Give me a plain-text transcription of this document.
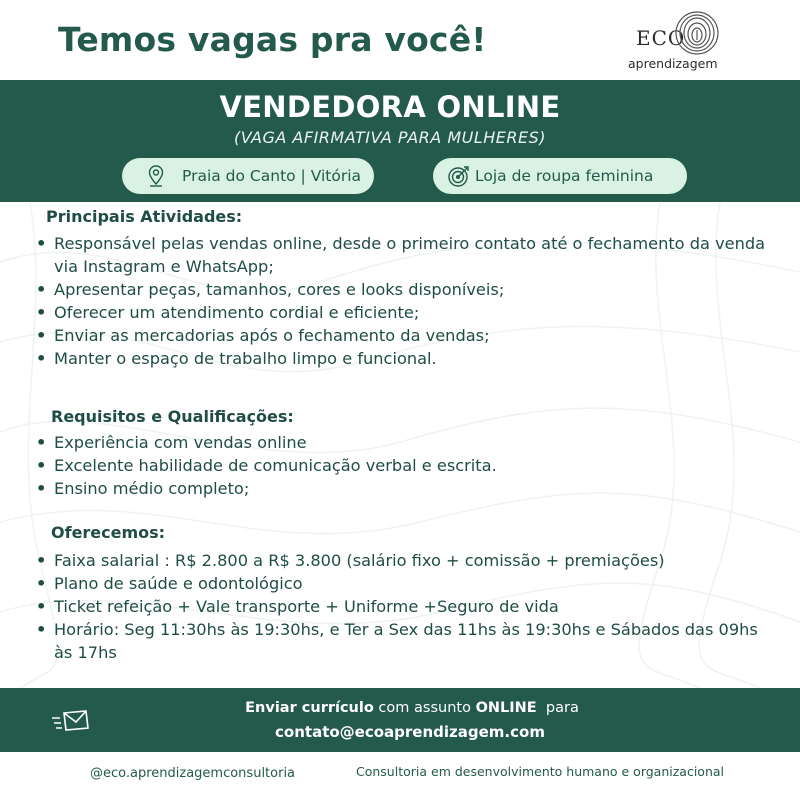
Temos vagas pra você!	ECO
aprendizagem
VENDEDORA ONLINE
(VAGA AFIRMATIVA PARA MULHERES)
Praia do Canto | Vitória	Loja de roupa feminina
Principais Atividades:
• Responsável pelas vendas online, desde o primeiro contato até o fechamento da venda via Instagram e WhatsApp;
• Apresentar peças, tamanhos, cores e looks disponíveis;
• Oferecer um atendimento cordial e eficiente;
• Enviar as mercadorias após o fechamento da vendas;
• Manter o espaço de trabalho limpo e funcional.
Requisitos e Qualificações:
• Experiência com vendas online
• Excelente habilidade de comunicação verbal e escrita.
• Ensino médio completo;
Oferecemos:
• Faixa salarial : R$ 2.800 a R$ 3.800 (salário fixo + comissão + premiações)
• Plano de saúde e odontológico
• Ticket refeição + Vale transporte + Uniforme +Seguro de vida
• Horário: Seg 11:30hs às 19:30hs, e Ter a Sex das 11hs às 19:30hs e Sábados das 09hs às 17hs
Enviar currículo com assunto ONLINE  para
contato@ecoaprendizagem.com
@eco.aprendizagemconsultoria	Consultoria em desenvolvimento humano e organizacional
